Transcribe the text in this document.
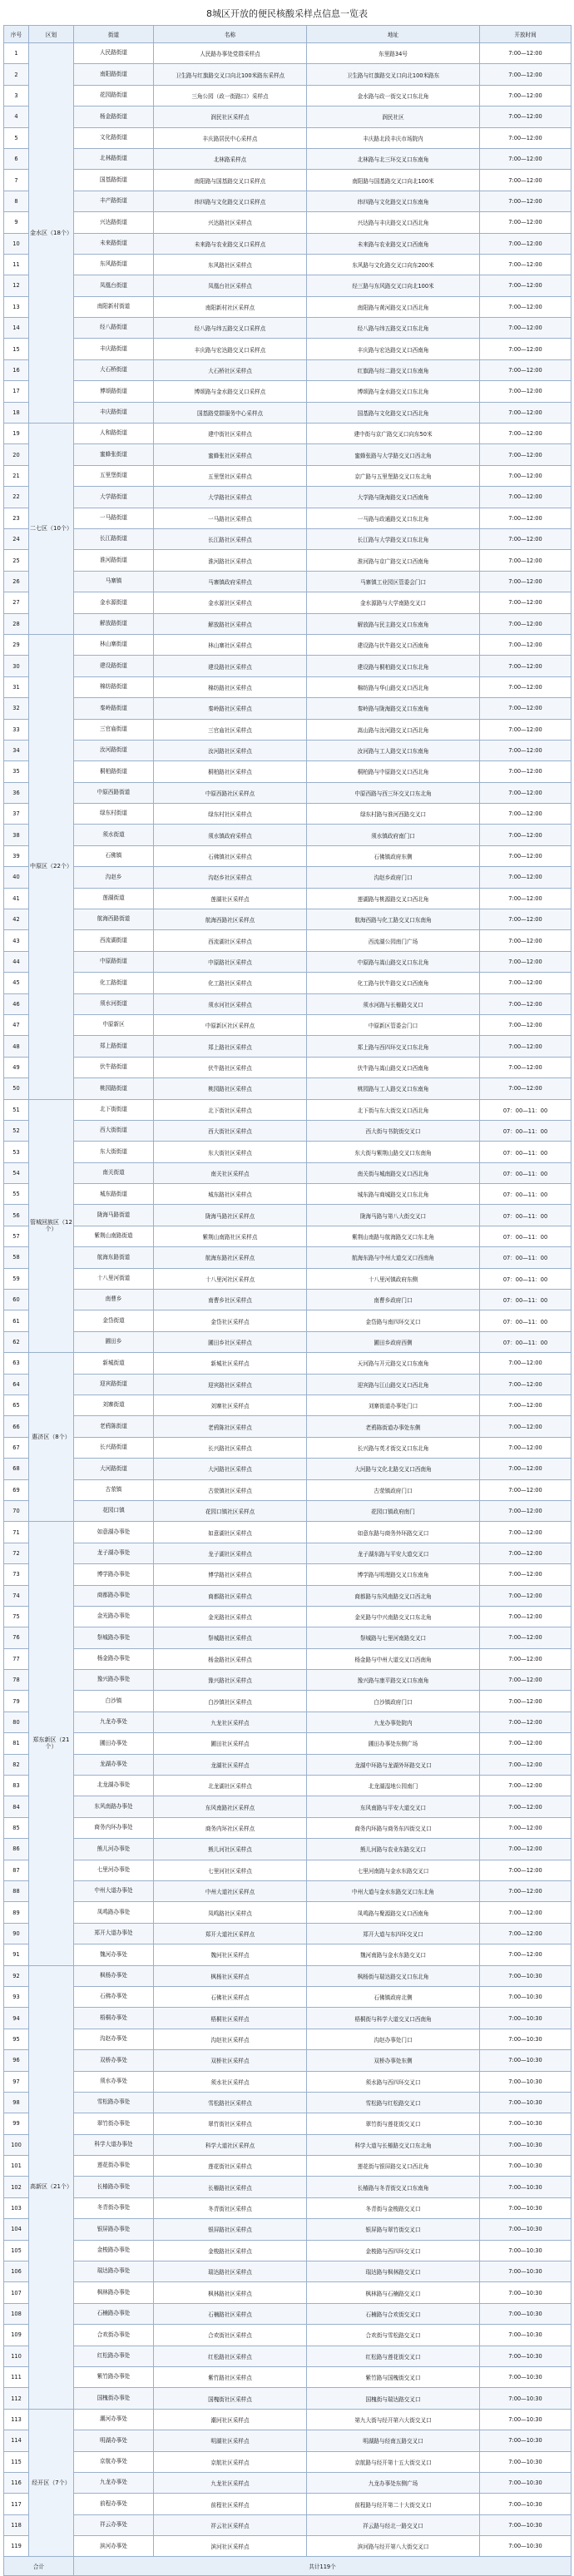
8城区开放的便民核酸采样点信息一览表
序号	区划	街道	名称	地址	开放时间
1	金水区（18个）	人民路街道	人民路办事处党群采样点	东里路34号	7:00—12:00
2		南阳路街道	卫生路与红旗路交叉口向北100米路东采样点	卫生路与红旗路交叉口向北100米路东	7:00—12:00
3		花园路街道	三角公园（政一街路口）采样点	金水路与政一街交叉口东北角	7:00—12:00
4		杨金路街道	润民社区采样点	润民社区	7:00—12:00
5		文化路街道	丰庆路居民中心采样点	丰庆路北段丰庆市场院内	7:00—12:00
6		北林路街道	北林路采样点	北林路与北三环交叉口东南角	7:00—12:00
7		国基路街道	南阳路与国基路交叉口采样点	南阳路与国基路交叉口向北100米	7:00—12:00
8		丰产路街道	纬四路与文化路交叉口采样点	纬四路与文化路交叉口东南角	7:00—12:00
9		兴达路街道	兴达路社区采样点	兴达路与丰庆路交叉口西北角	7:00—12:00
10		未来路街道	未来路与农业路交叉口采样点	未来路与农业路交叉口西南角	7:00—12:00
11		东风路街道	东风路社区采样点	东风路与文化路交叉口向东200米	7:00—12:00
12		凤凰台街道	凤凰台社区采样点	经三路与东风路交叉口向北100米	7:00—12:00
13		南阳新村街道	南阳新村社区采样点	南阳路与黄河路交叉口西北角	7:00—12:00
14		经八路街道	经八路与纬五路交叉口采样点	经八路与纬五路交叉口东北角	7:00—12:00
15		丰庆路街道	丰庆路与宏达路交叉口采样点	丰庆路与宏达路交叉口西南角	7:00—12:00
16		大石桥街道	大石桥社区采样点	红旗路与经二路交叉口东南角	7:00—12:00
17		博颂路街道	博颂路与金水路交叉口采样点	博颂路与金水路交叉口东北角	7:00—12:00
18		丰庆路街道	国基路党群服务中心采样点	国基路与文化路交叉口西北角	7:00—12:00
19	二七区（10个）	人和路街道	建中街社区采样点	建中街与京广路交叉口向东50米	7:00—12:00
20		蜜蜂张街道	蜜蜂张社区采样点	蜜蜂张路与大学路交叉口西北角	7:00—12:00
21		五里堡街道	五里堡社区采样点	京广路与五里堡路交叉口东北角	7:00—12:00
22		大学路街道	大学路社区采样点	大学路与陇海路交叉口西南角	7:00—12:00
23		一马路街道	一马路社区采样点	一马路与政通路交叉口东北角	7:00—12:00
24		长江路街道	长江路社区采样点	长江路与大学路交叉口东北角	7:00—12:00
25		淮河路街道	淮河路社区采样点	淮河路与京广路交叉口西南角	7:00—12:00
26		马寨镇	马寨镇政府采样点	马寨镇工业园区管委会门口	7:00—12:00
27		金水源街道	金水源社区采样点	金水源路与大学南路交叉口	7:00—12:00
28		解放路街道	解放路社区采样点	解放路与民主路交叉口东南角	7:00—12:00
29	中原区（22个）	林山寨街道	林山寨社区采样点	建设路与伏牛路交叉口西南角	7:00—12:00
30		建设路街道	建设路社区采样点	建设路与桐柏路交叉口东北角	7:00—12:00
31		棉纺路街道	棉纺路社区采样点	棉纺路与华山路交叉口西北角	7:00—12:00
32		秦岭路街道	秦岭路社区采样点	秦岭路与陇海路交叉口东南角	7:00—12:00
33		三官庙街道	三官庙社区采样点	嵩山路与汝河路交叉口西北角	7:00—12:00
34		汝河路街道	汝河路社区采样点	汝河路与工人路交叉口东南角	7:00—12:00
35		桐柏路街道	桐柏路社区采样点	桐柏路与中原路交叉口西北角	7:00—12:00
36		中原西路街道	中原西路社区采样点	中原西路与西三环交叉口东北角	7:00—12:00
37		绿东村街道	绿东村社区采样点	绿东村路与淮河西路交叉口	7:00—12:00
38		须水街道	须水镇政府采样点	须水镇政府南门口	7:00—12:00
39		石佛镇	石佛镇社区采样点	石佛镇政府东侧	7:00—12:00
40		沟赵乡	沟赵乡社区采样点	沟赵乡政府门口	7:00—12:00
41		莲湖街道	莲湖社区采样点	莲湖路与桃源路交叉口西北角	7:00—12:00
42		航海西路街道	航海西路社区采样点	航海西路与化工路交叉口东南角	7:00—12:00
43		西流湖街道	西流湖社区采样点	西流湖公园南门广场	7:00—12:00
44		中原路街道	中原路社区采样点	中原路与嵩山路交叉口东北角	7:00—12:00
45		化工路街道	化工路社区采样点	化工路与伏牛路交叉口西南角	7:00—12:00
46		须水河街道	须水河社区采样点	须水河路与长椿路交叉口	7:00—12:00
47		中原新区	中原新区社区采样点	中原新区管委会门口	7:00—12:00
48		郑上路街道	郑上路社区采样点	郑上路与西四环交叉口东北角	7:00—12:00
49		伏牛路街道	伏牛路社区采样点	伏牛路与嵩山路交叉口西南角	7:00—12:00
50		桃园路街道	桃园路社区采样点	桃园路与工人路交叉口东南角	7:00—12:00
51	管城回族区（12个）	北下街街道	北下街社区采样点	北下街与东大街交叉口西北角	07：00—11：00
52		西大街街道	西大街社区采样点	西大街与书院街交叉口	07：00—11：00
53		东大街街道	东大街社区采样点	东大街与紫荆山路交叉口东南角	07：00—11：00
54		南关街道	南关社区采样点	南关街与城南路交叉口西北角	07：00—11：00
55		城东路街道	城东路社区采样点	城东路与商城路交叉口东北角	07：00—11：00
56		陇海马路街道	陇海马路社区采样点	陇海马路与第八大街交叉口	07：00—11：00
57		紫荆山南路街道	紫荆山南路社区采样点	紫荆山南路与航海路交叉口东北角	07：00—11：00
58		航海东路街道	航海东路社区采样点	航海东路与中州大道交叉口西南角	07：00—11：00
59		十八里河街道	十八里河社区采样点	十八里河镇政府东侧	07：00—11：00
60		南曹乡	南曹乡社区采样点	南曹乡政府门口	07：00—11：00
61		金岱街道	金岱社区采样点	金岱路与南四环交叉口	07：00—11：00
62		圃田乡	圃田乡社区采样点	圃田乡政府西侧	07：00—11：00
63	惠济区（8个）	新城街道	新城社区采样点	天河路与开元路交叉口东南角	7:00—12:00
64		迎宾路街道	迎宾路社区采样点	迎宾路与江山路交叉口西北角	7:00—12:00
65		刘寨街道	刘寨社区采样点	刘寨街道办事处门口	7:00—12:00
66		老鸦陈街道	老鸦陈社区采样点	老鸦陈街道办事处东侧	7:00—12:00
67		长兴路街道	长兴路社区采样点	长兴路与英才街交叉口东北角	7:00—12:00
68		大河路街道	大河路社区采样点	大河路与文化北路交叉口西南角	7:00—12:00
69		古荥镇	古荥镇社区采样点	古荥镇政府门口	7:00—12:00
70		花园口镇	花园口镇社区采样点	花园口镇政府南门	7:00—12:00
71	郑东新区（21个）	如意湖办事处	如意湖社区采样点	如意东路与商务外环路交叉口	7:00—12:00
72		龙子湖办事处	龙子湖社区采样点	龙子湖东路与平安大道交叉口	7:00—12:00
73		博学路办事处	博学路社区采样点	博学路与明理路交叉口东南角	7:00—12:00
74		商都路办事处	商都路社区采样点	商都路与东风南路交叉口西北角	7:00—12:00
75		金光路办事处	金光路社区采样点	金光路与中兴南路交叉口东北角	7:00—12:00
76		祭城路办事处	祭城路社区采样点	祭城路与七里河南路交叉口	7:00—12:00
77		杨金路办事处	杨金路社区采样点	杨金路与中州大道交叉口西南角	7:00—12:00
78		豫兴路办事处	豫兴路社区采样点	豫兴路与康平路交叉口东南角	7:00—12:00
79		白沙镇	白沙镇社区采样点	白沙镇政府门口	7:00—12:00
80		九龙办事处	九龙社区采样点	九龙办事处院内	7:00—12:00
81		圃田办事处	圃田社区采样点	圃田办事处东侧广场	7:00—12:00
82		龙湖办事处	龙湖社区采样点	龙湖中环路与龙湖外环路交叉口	7:00—12:00
83		北龙湖办事处	北龙湖社区采样点	北龙湖湿地公园南门	7:00—12:00
84		东风南路办事处	东风南路社区采样点	东风南路与平安大道交叉口	7:00—12:00
85		商务内环办事处	商务内环社区采样点	商务内环路与商务东四街交叉口	7:00—12:00
86		熊儿河办事处	熊儿河社区采样点	熊儿河路与农业东路交叉口	7:00—12:00
87		七里河办事处	七里河社区采样点	七里河南路与金水东路交叉口	7:00—12:00
88		中州大道办事处	中州大道社区采样点	中州大道与金水东路交叉口东北角	7:00—12:00
89		凤鸣路办事处	凤鸣路社区采样点	凤鸣路与聚源路交叉口西南角	7:00—12:00
90		郑开大道办事处	郑开大道社区采样点	郑开大道与东四环交叉口	7:00—12:00
91		魏河办事处	魏河社区采样点	魏河南路与金水东路交叉口	7:00—12:00
92	高新区（21个）	枫杨办事处	枫杨社区采样点	枫杨街与瑞达路交叉口东北角	7:00—10:30
93		石佛办事处	石佛社区采样点	石佛镇政府北侧	7:00—10:30
94		梧桐办事处	梧桐社区采样点	梧桐街与科学大道交叉口西南角	7:00—10:30
95		沟赵办事处	沟赵社区采样点	沟赵办事处门口	7:00—10:30
96		双桥办事处	双桥社区采样点	双桥办事处东侧	7:00—10:30
97		须水办事处	须水社区采样点	须水路与西四环交叉口	7:00—10:30
98		雪松路办事处	雪松路社区采样点	雪松路与红松路交叉口	7:00—10:30
99		翠竹街办事处	翠竹街社区采样点	翠竹街与莲花街交叉口	7:00—10:30
100		科学大道办事处	科学大道社区采样点	科学大道与长椿路交叉口东北角	7:00—10:30
101		莲花街办事处	莲花街社区采样点	莲花街与银屏路交叉口西北角	7:00—10:30
102		长椿路办事处	长椿路社区采样点	长椿路与冬青街交叉口东南角	7:00—10:30
103		冬青街办事处	冬青街社区采样点	冬青街与金梭路交叉口	7:00—10:30
104		银屏路办事处	银屏路社区采样点	银屏路与翠竹街交叉口	7:00—10:30
105		金梭路办事处	金梭路社区采样点	金梭路与西四环交叉口	7:00—10:30
106		瑞达路办事处	瑞达路社区采样点	瑞达路与枫林路交叉口	7:00—10:30
107		枫林路办事处	枫林路社区采样点	枫林路与石楠路交叉口	7:00—10:30
108		石楠路办事处	石楠路社区采样点	石楠路与合欢街交叉口	7:00—10:30
109		合欢街办事处	合欢街社区采样点	合欢街与雪松路交叉口	7:00—10:30
110		红松路办事处	红松路社区采样点	红松路与莲花街交叉口	7:00—10:30
111		紫竹路办事处	紫竹路社区采样点	紫竹路与国槐街交叉口	7:00—10:30
112		国槐街办事处	国槐街社区采样点	国槐街与瑞达路交叉口	7:00—10:30
113	经开区（7个）	潮河办事处	潮河社区采样点	第九大街与经开第六大街交叉口	7:00—10:30
114		明湖办事处	明湖社区采样点	明湖路与经南五路交叉口	7:00—10:30
115		京航办事处	京航社区采样点	京航路与经开第十五大街交叉口	7:00—10:30
116		九龙办事处	九龙社区采样点	九龙办事处东侧广场	7:00—10:30
117		前程办事处	前程社区采样点	前程路与经开第二十大街交叉口	7:00—10:30
118		祥云办事处	祥云社区采样点	祥云路与经北一路交叉口	7:00—10:30
119		滨河办事处	滨河社区采样点	滨河路与经开第八大街交叉口	7:00—10:30
合计		共计119个			
